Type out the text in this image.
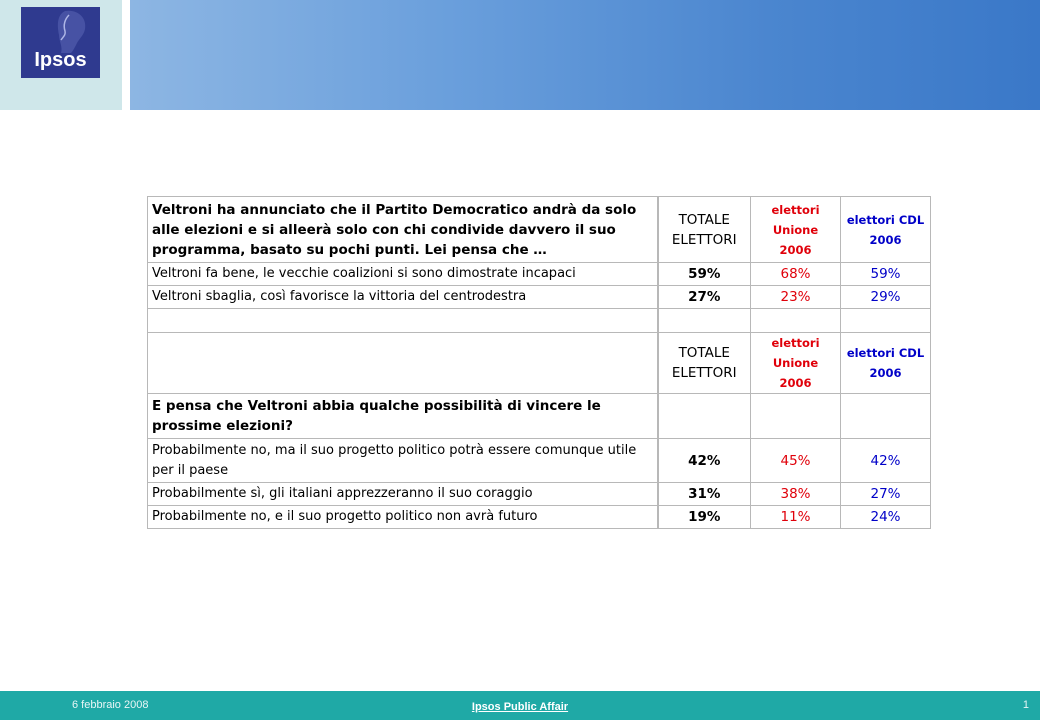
Ipsos
Veltroni ha annunciato che il Partito Democratico andrà da solo alle elezioni e si alleerà solo con chi condivide davvero il suo programma, basato su pochi punti. Lei pensa che …	TOTALE ELETTORI	elettori Unione 2006	elettori CDL 2006
Veltroni fa bene, le vecchie coalizioni si sono dimostrate incapaci	59%	68%	59%
Veltroni sbaglia, così favorisce la vittoria del centrodestra	27%	23%	29%

	TOTALE ELETTORI	elettori Unione 2006	elettori CDL 2006
E pensa che Veltroni abbia qualche possibilità di vincere le prossime elezioni?			
Probabilmente no, ma il suo progetto politico potrà essere comunque utile per il paese	42%	45%	42%
Probabilmente sì, gli italiani apprezzeranno il suo coraggio	31%	38%	27%
Probabilmente no, e il suo progetto politico non avrà futuro	19%	11%	24%
6 febbraio 2008	Ipsos Public Affair	1
